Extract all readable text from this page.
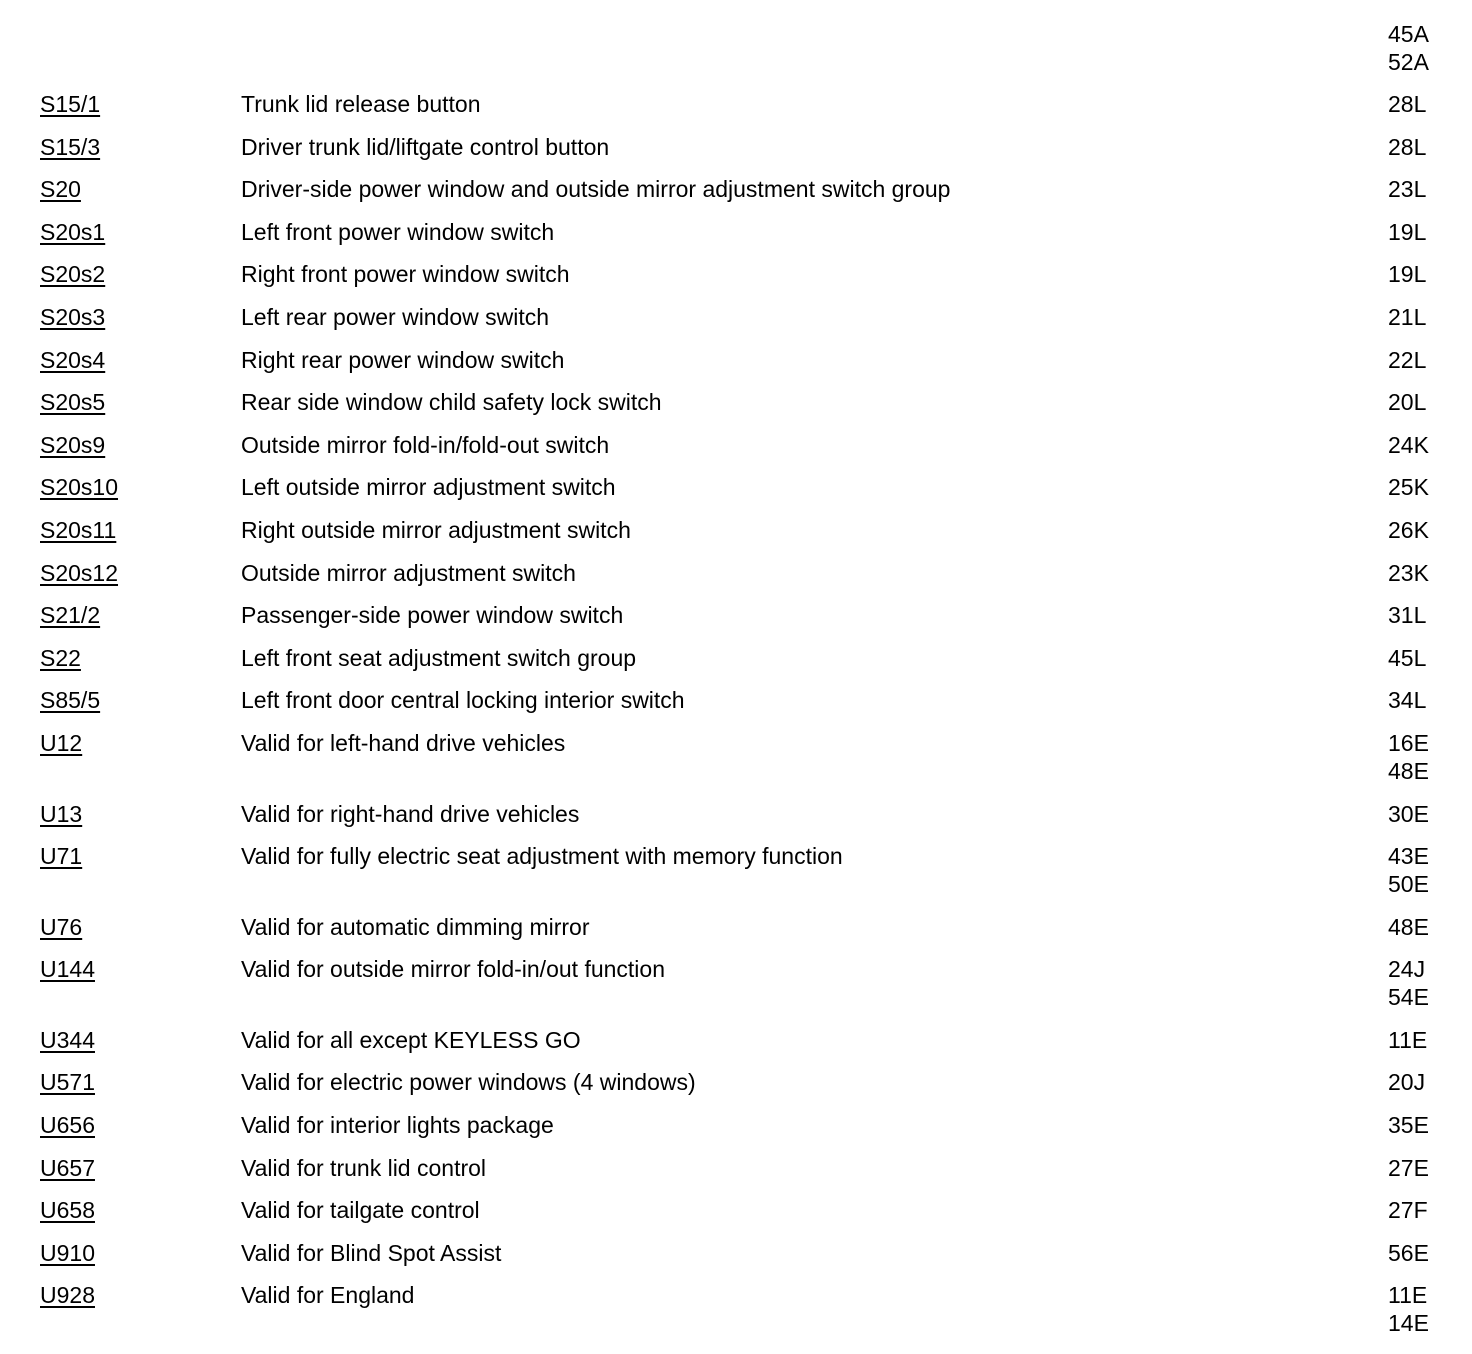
45A
52A
S15/1	Trunk lid release button	28L
S15/3	Driver trunk lid/liftgate control button	28L
S20	Driver-side power window and outside mirror adjustment switch group	23L
S20s1	Left front power window switch	19L
S20s2	Right front power window switch	19L
S20s3	Left rear power window switch	21L
S20s4	Right rear power window switch	22L
S20s5	Rear side window child safety lock switch	20L
S20s9	Outside mirror fold-in/fold-out switch	24K
S20s10	Left outside mirror adjustment switch	25K
S20s11	Right outside mirror adjustment switch	26K
S20s12	Outside mirror adjustment switch	23K
S21/2	Passenger-side power window switch	31L
S22	Left front seat adjustment switch group	45L
S85/5	Left front door central locking interior switch	34L
U12	Valid for left-hand drive vehicles	16E
48E
U13	Valid for right-hand drive vehicles	30E
U71	Valid for fully electric seat adjustment with memory function	43E
50E
U76	Valid for automatic dimming mirror	48E
U144	Valid for outside mirror fold-in/out function	24J
54E
U344	Valid for all except KEYLESS GO	11E
U571	Valid for electric power windows (4 windows)	20J
U656	Valid for interior lights package	35E
U657	Valid for trunk lid control	27E
U658	Valid for tailgate control	27F
U910	Valid for Blind Spot Assist	56E
U928	Valid for England	11E
14E
